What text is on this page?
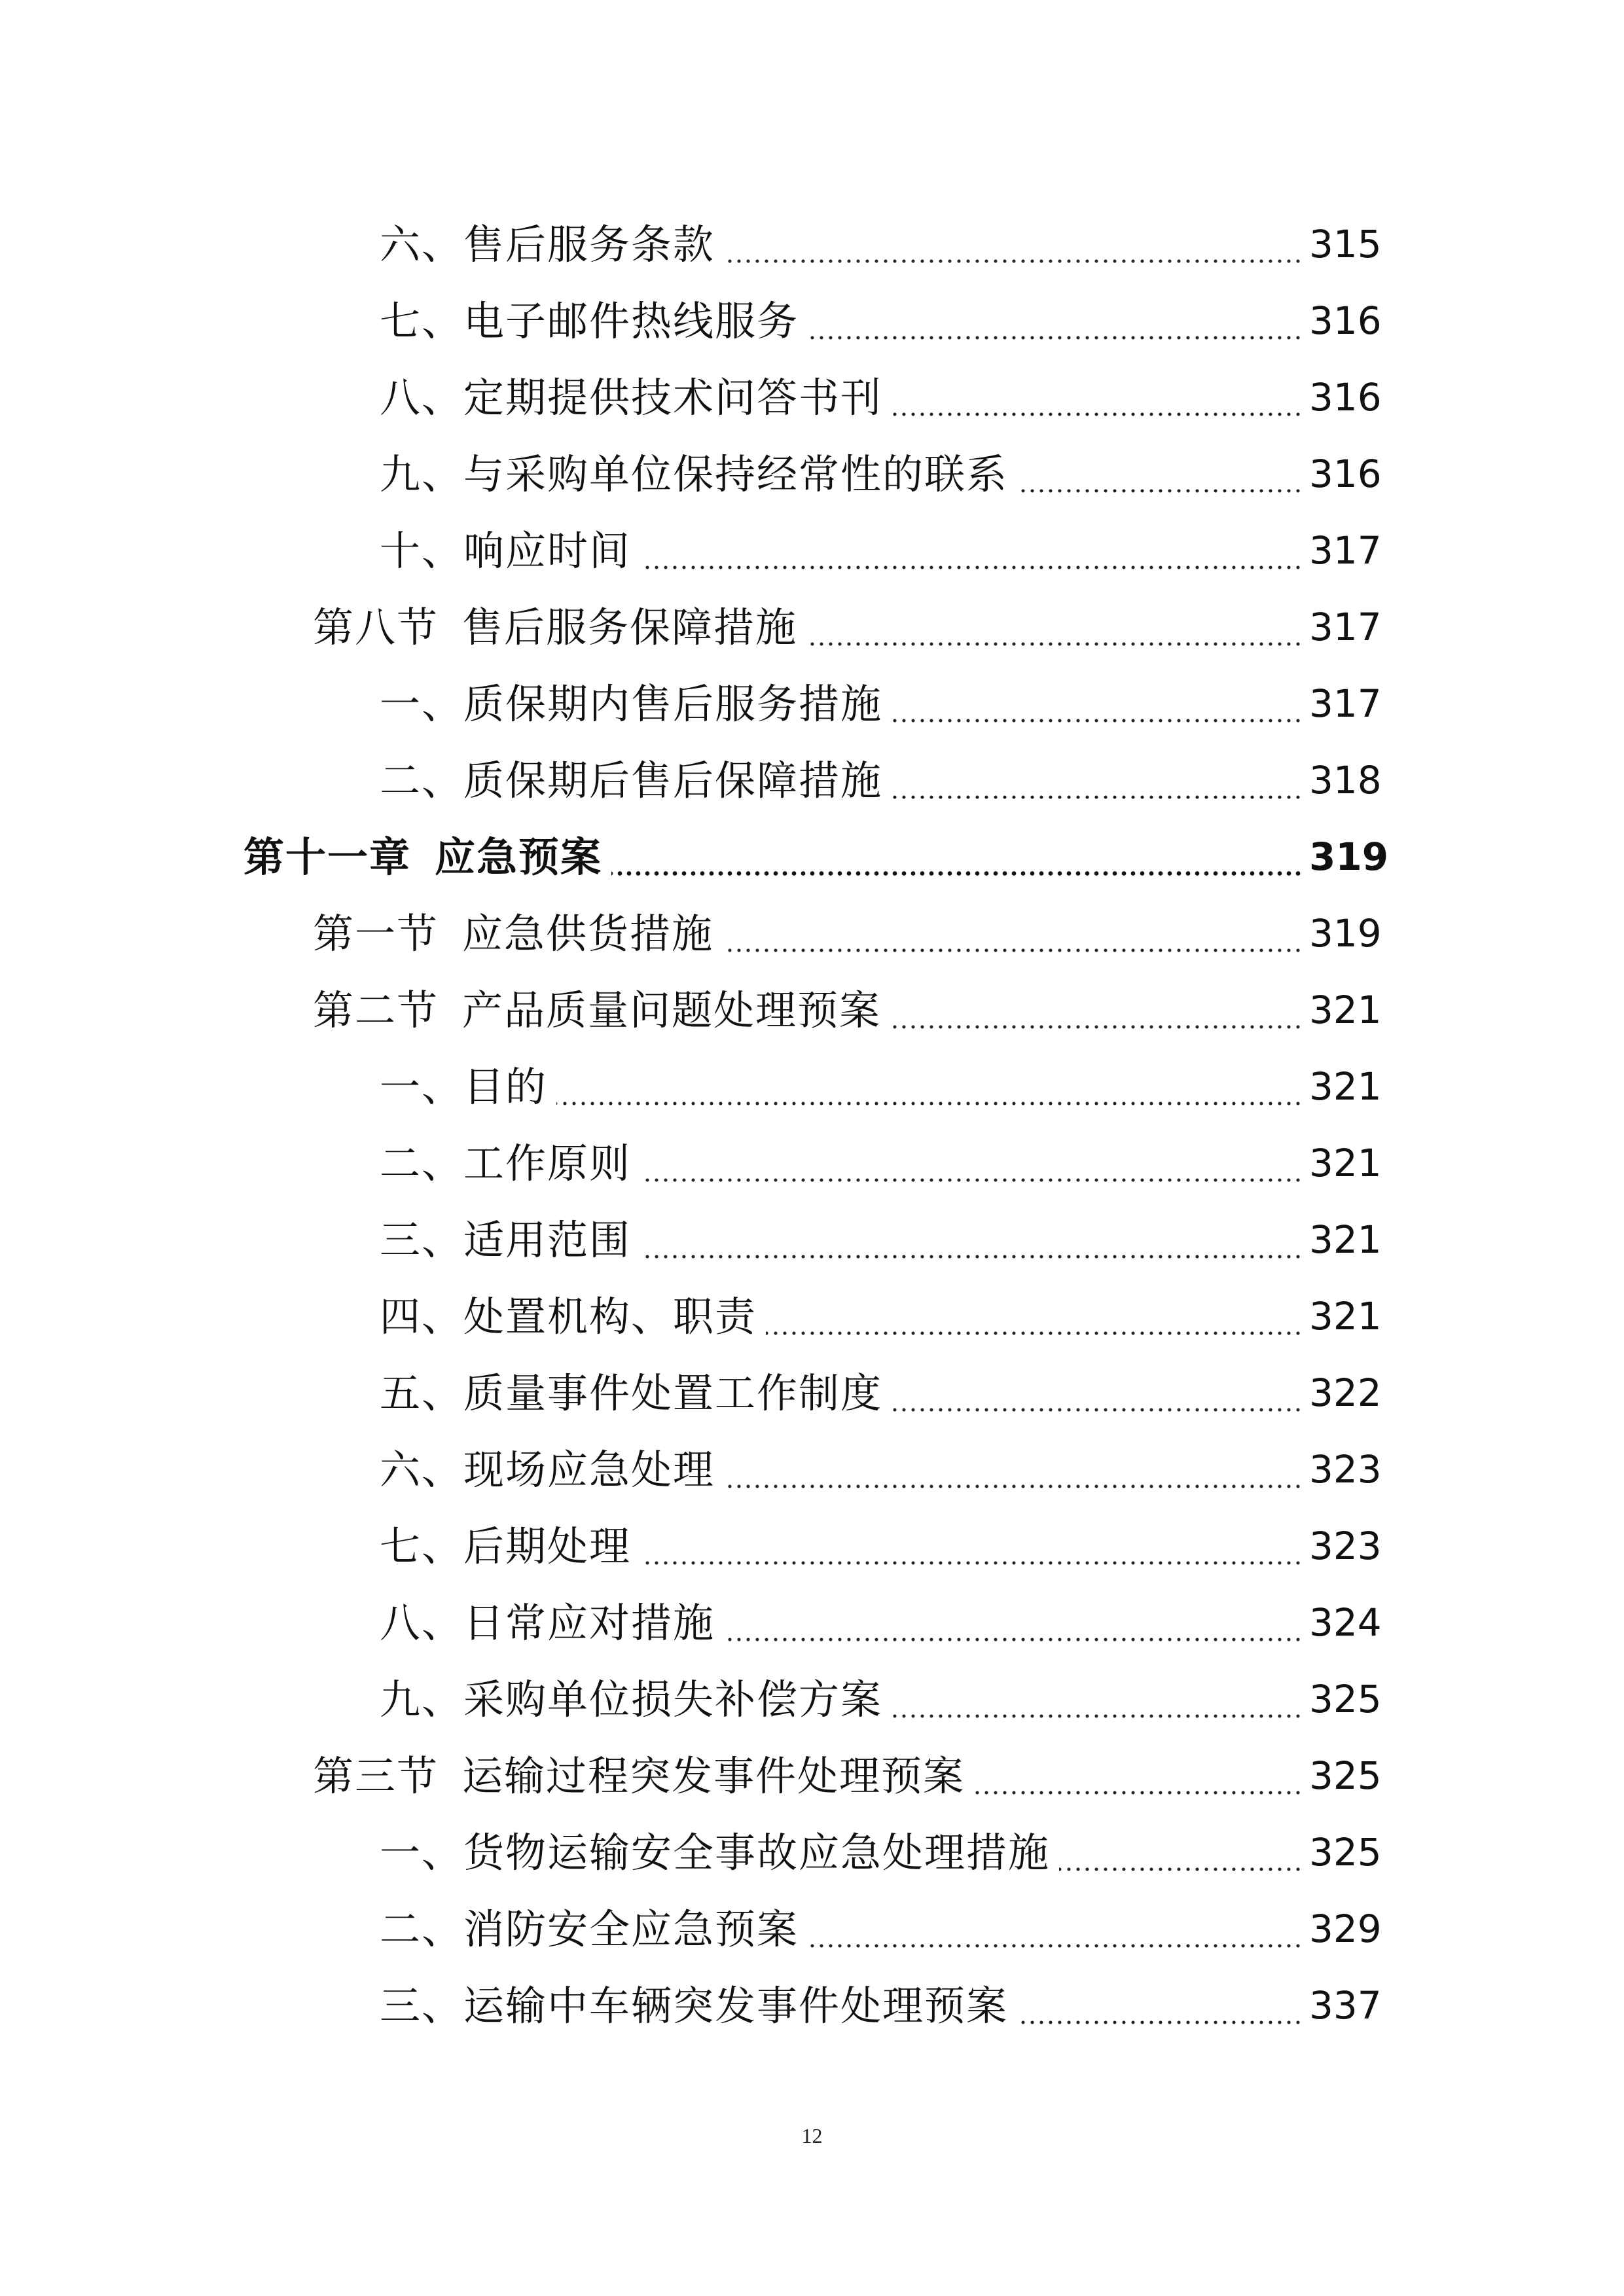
六、售后服务条款	315
七、电子邮件热线服务	316
八、定期提供技术问答书刊	316
九、与采购单位保持经常性的联系	316
十、响应时间	317
第八节 售后服务保障措施	317
一、质保期内售后服务措施	317
二、质保期后售后保障措施	318
第十一章 应急预案	319
第一节 应急供货措施	319
第二节 产品质量问题处理预案	321
一、目的	321
二、工作原则	321
三、适用范围	321
四、处置机构、职责	321
五、质量事件处置工作制度	322
六、现场应急处理	323
七、后期处理	323
八、日常应对措施	324
九、采购单位损失补偿方案	325
第三节 运输过程突发事件处理预案	325
一、货物运输安全事故应急处理措施	325
二、消防安全应急预案	329
三、运输中车辆突发事件处理预案	337
12
